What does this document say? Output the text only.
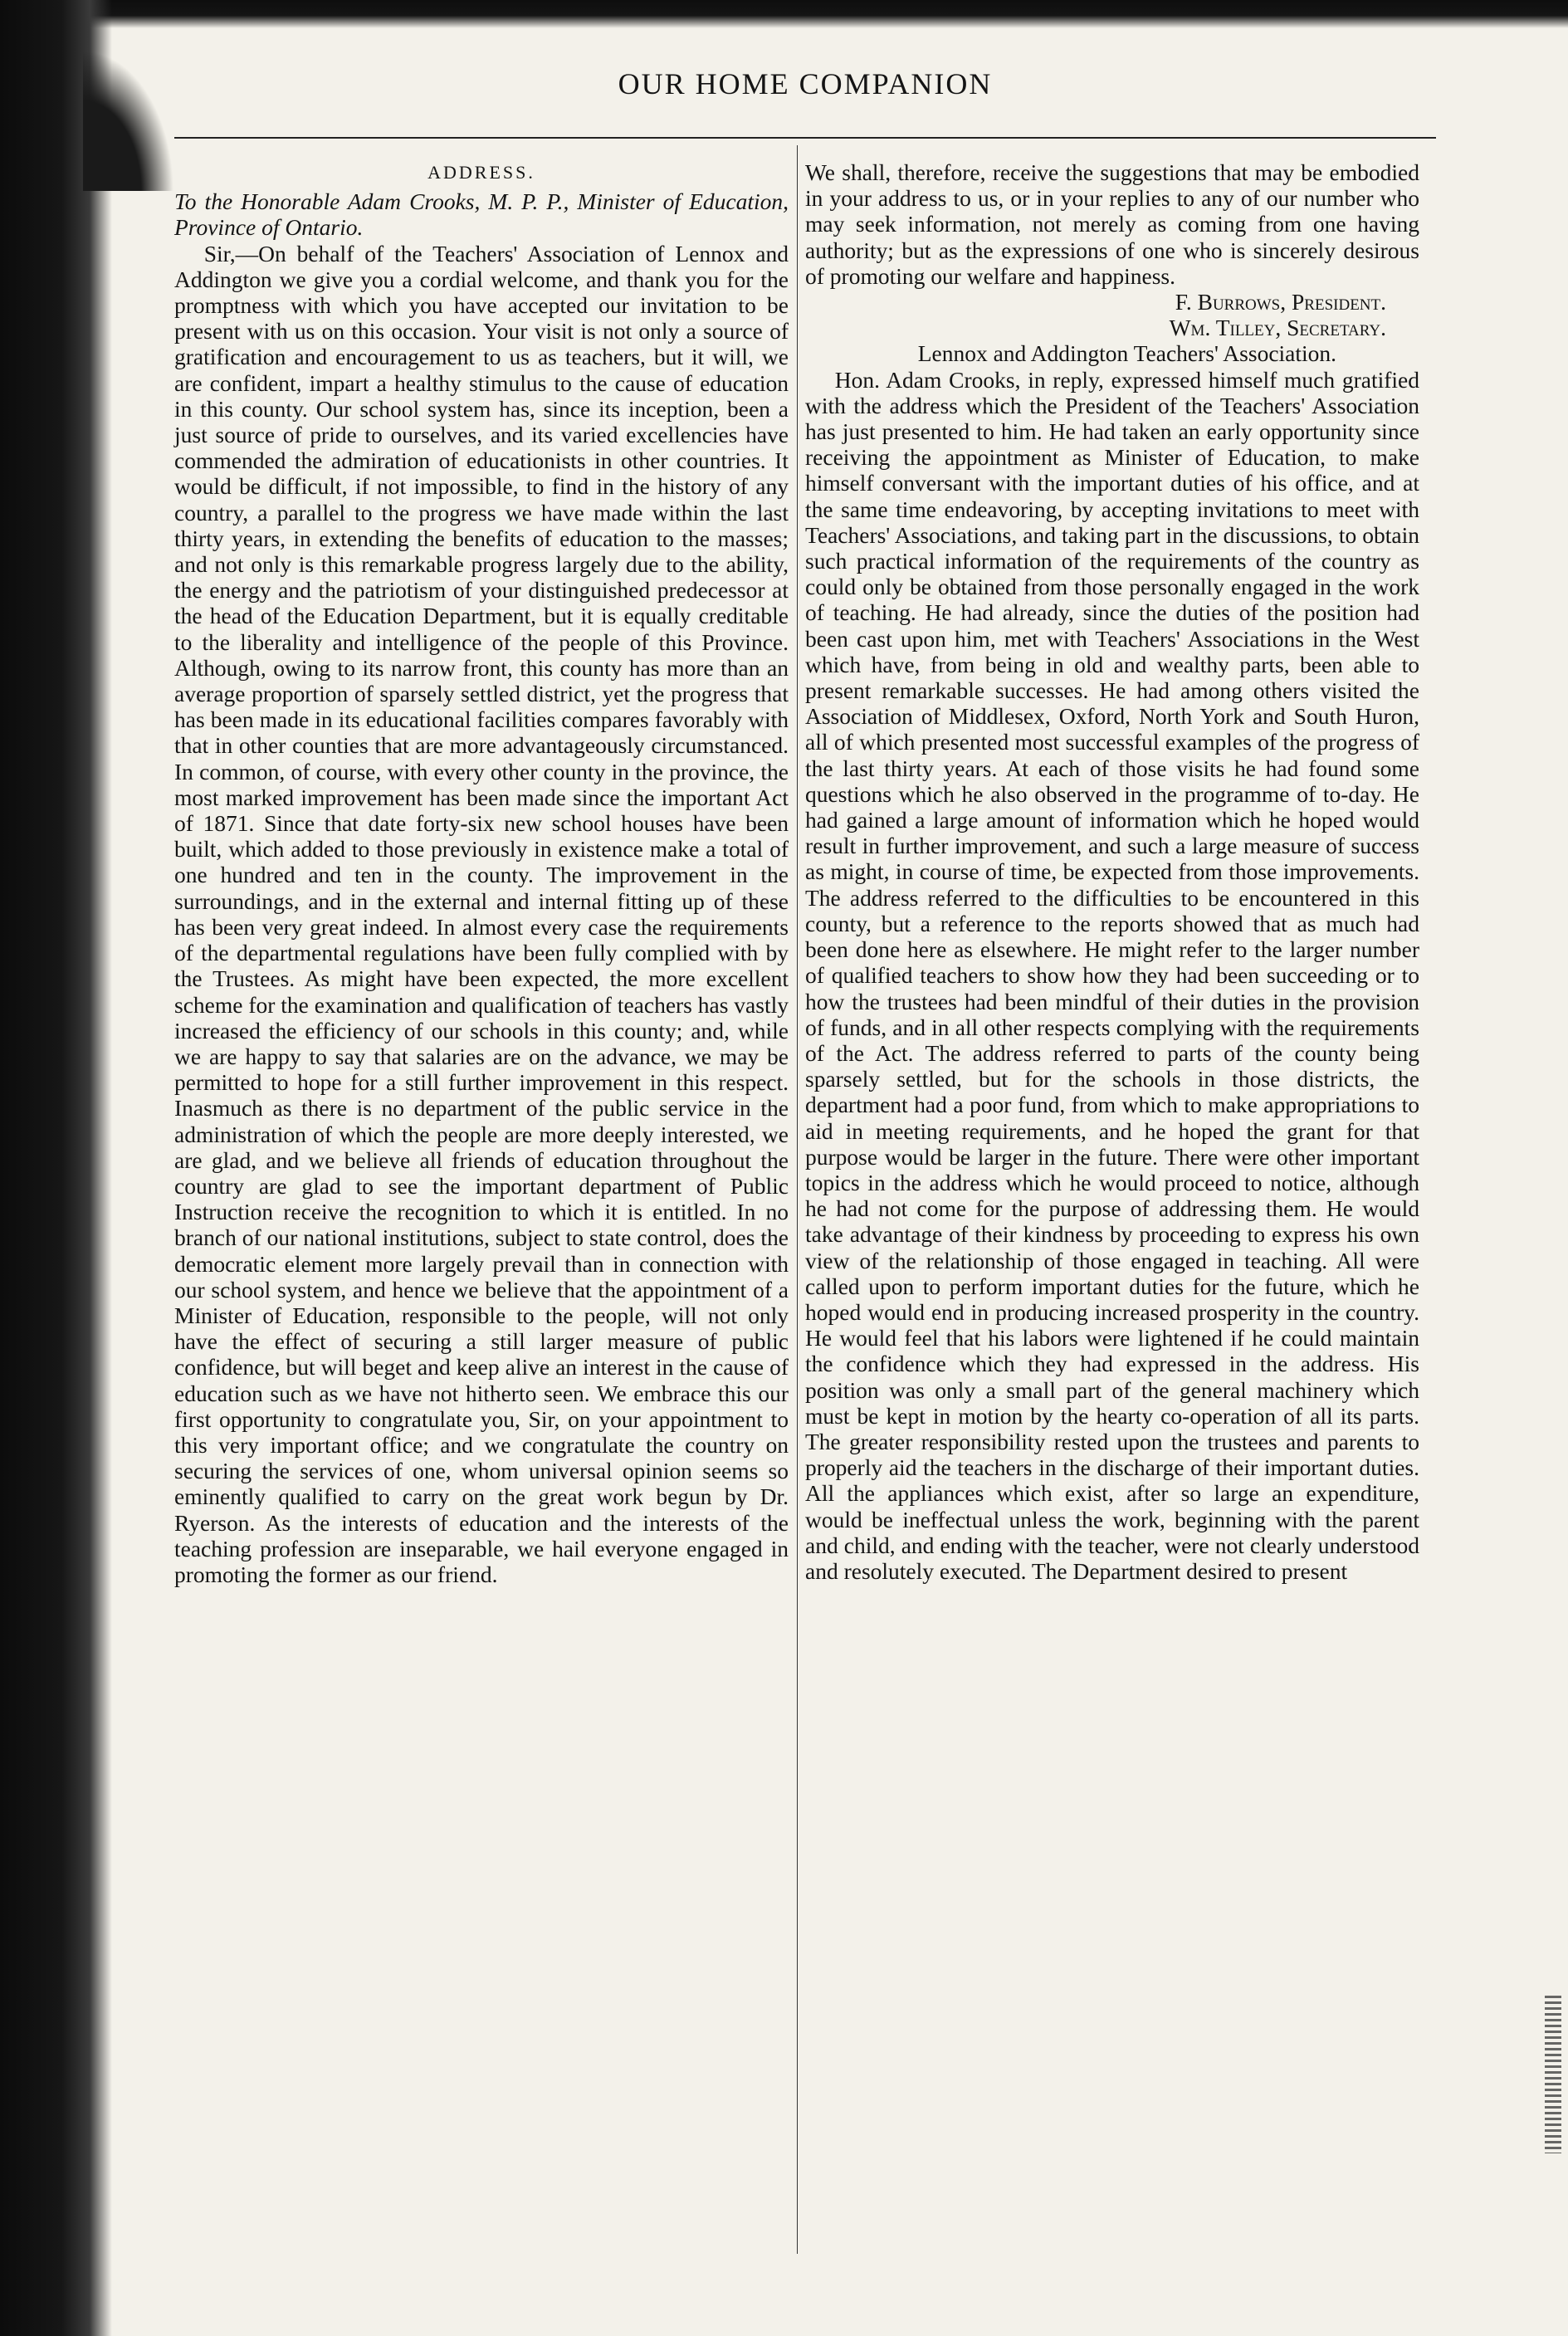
OUR HOME COMPANION
ADDRESS.

To the Honorable Adam Crooks, M. P. P., Minister of Education, Province of Ontario.

Sir,—On behalf of the Teachers' Association of Lennox and Addington we give you a cordial welcome, and thank you for the promptness with which you have accepted our invitation to be present with us on this occasion. Your visit is not only a source of gratification and encouragement to us as teachers, but it will, we are confident, impart a healthy stimulus to the cause of education in this county. Our school system has, since its inception, been a just source of pride to ourselves, and its varied excellencies have commended the admiration of educationists in other countries. It would be difficult, if not impossible, to find in the history of any country, a parallel to the progress we have made within the last thirty years, in extending the benefits of education to the masses; and not only is this remarkable progress largely due to the ability, the energy and the patriotism of your distinguished predecessor at the head of the Education Department, but it is equally creditable to the liberality and intelligence of the people of this Province. Although, owing to its narrow front, this county has more than an average proportion of sparsely settled district, yet the progress that has been made in its educational facilities compares favorably with that in other counties that are more advantageously circumstanced. In common, of course, with every other county in the province, the most marked improvement has been made since the important Act of 1871. Since that date forty-six new school houses have been built, which added to those previously in existence make a total of one hundred and ten in the county. The improvement in the surroundings, and in the external and internal fitting up of these has been very great indeed. In almost every case the requirements of the departmental regulations have been fully complied with by the Trustees. As might have been expected, the more excellent scheme for the examination and qualification of teachers has vastly increased the efficiency of our schools in this county; and, while we are happy to say that salaries are on the advance, we may be permitted to hope for a still further improvement in this respect. Inasmuch as there is no department of the public service in the administration of which the people are more deeply interested, we are glad, and we believe all friends of education throughout the country are glad to see the important department of Public Instruction receive the recognition to which it is entitled. In no branch of our national institutions, subject to state control, does the democratic element more largely prevail than in connection with our school system, and hence we believe that the appointment of a Minister of Education, responsible to the people, will not only have the effect of securing a still larger measure of public confidence, but will beget and keep alive an interest in the cause of education such as we have not hitherto seen. We embrace this our first opportunity to congratulate you, Sir, on your appointment to this very important office; and we congratulate the country on securing the services of one, whom universal opinion seems so eminently qualified to carry on the great work begun by Dr. Ryerson. As the interests of education and the interests of the teaching profession are inseparable, we hail everyone engaged in promoting the former as our friend.

We shall, therefore, receive the suggestions that may be embodied in your address to us, or in your replies to any of our number who may seek information, not merely as coming from one having authority; but as the expressions of one who is sincerely desirous of promoting our welfare and happiness.

F. Burrows, President.

Wm. Tilley, Secretary.

Lennox and Addington Teachers' Association.

Hon. Adam Crooks, in reply, expressed himself much gratified with the address which the President of the Teachers' Association has just presented to him. He had taken an early opportunity since receiving the appointment as Minister of Education, to make himself conversant with the important duties of his office, and at the same time endeavoring, by accepting invitations to meet with Teachers' Associations, and taking part in the discussions, to obtain such practical information of the requirements of the country as could only be obtained from those personally engaged in the work of teaching. He had already, since the duties of the position had been cast upon him, met with Teachers' Associations in the West which have, from being in old and wealthy parts, been able to present remarkable successes. He had among others visited the Association of Middlesex, Oxford, North York and South Huron, all of which presented most successful examples of the progress of the last thirty years. At each of those visits he had found some questions which he also observed in the programme of to-day. He had gained a large amount of information which he hoped would result in further improvement, and such a large measure of success as might, in course of time, be expected from those improvements. The address referred to the difficulties to be encountered in this county, but a reference to the reports showed that as much had been done here as elsewhere. He might refer to the larger number of qualified teachers to show how they had been succeeding or to how the trustees had been mindful of their duties in the provision of funds, and in all other respects complying with the requirements of the Act. The address referred to parts of the county being sparsely settled, but for the schools in those districts, the department had a poor fund, from which to make appropriations to aid in meeting requirements, and he hoped the grant for that purpose would be larger in the future. There were other important topics in the address which he would proceed to notice, although he had not come for the purpose of addressing them. He would take advantage of their kindness by proceeding to express his own view of the relationship of those engaged in teaching. All were called upon to perform important duties for the future, which he hoped would end in producing increased prosperity in the country. He would feel that his labors were lightened if he could maintain the confidence which they had expressed in the address. His position was only a small part of the general machinery which must be kept in motion by the hearty co-operation of all its parts. The greater responsibility rested upon the trustees and parents to properly aid the teachers in the discharge of their important duties. All the appliances which exist, after so large an expenditure, would be ineffectual unless the work, beginning with the parent and child, and ending with the teacher, were not clearly understood and resolutely executed. The Department desired to present
